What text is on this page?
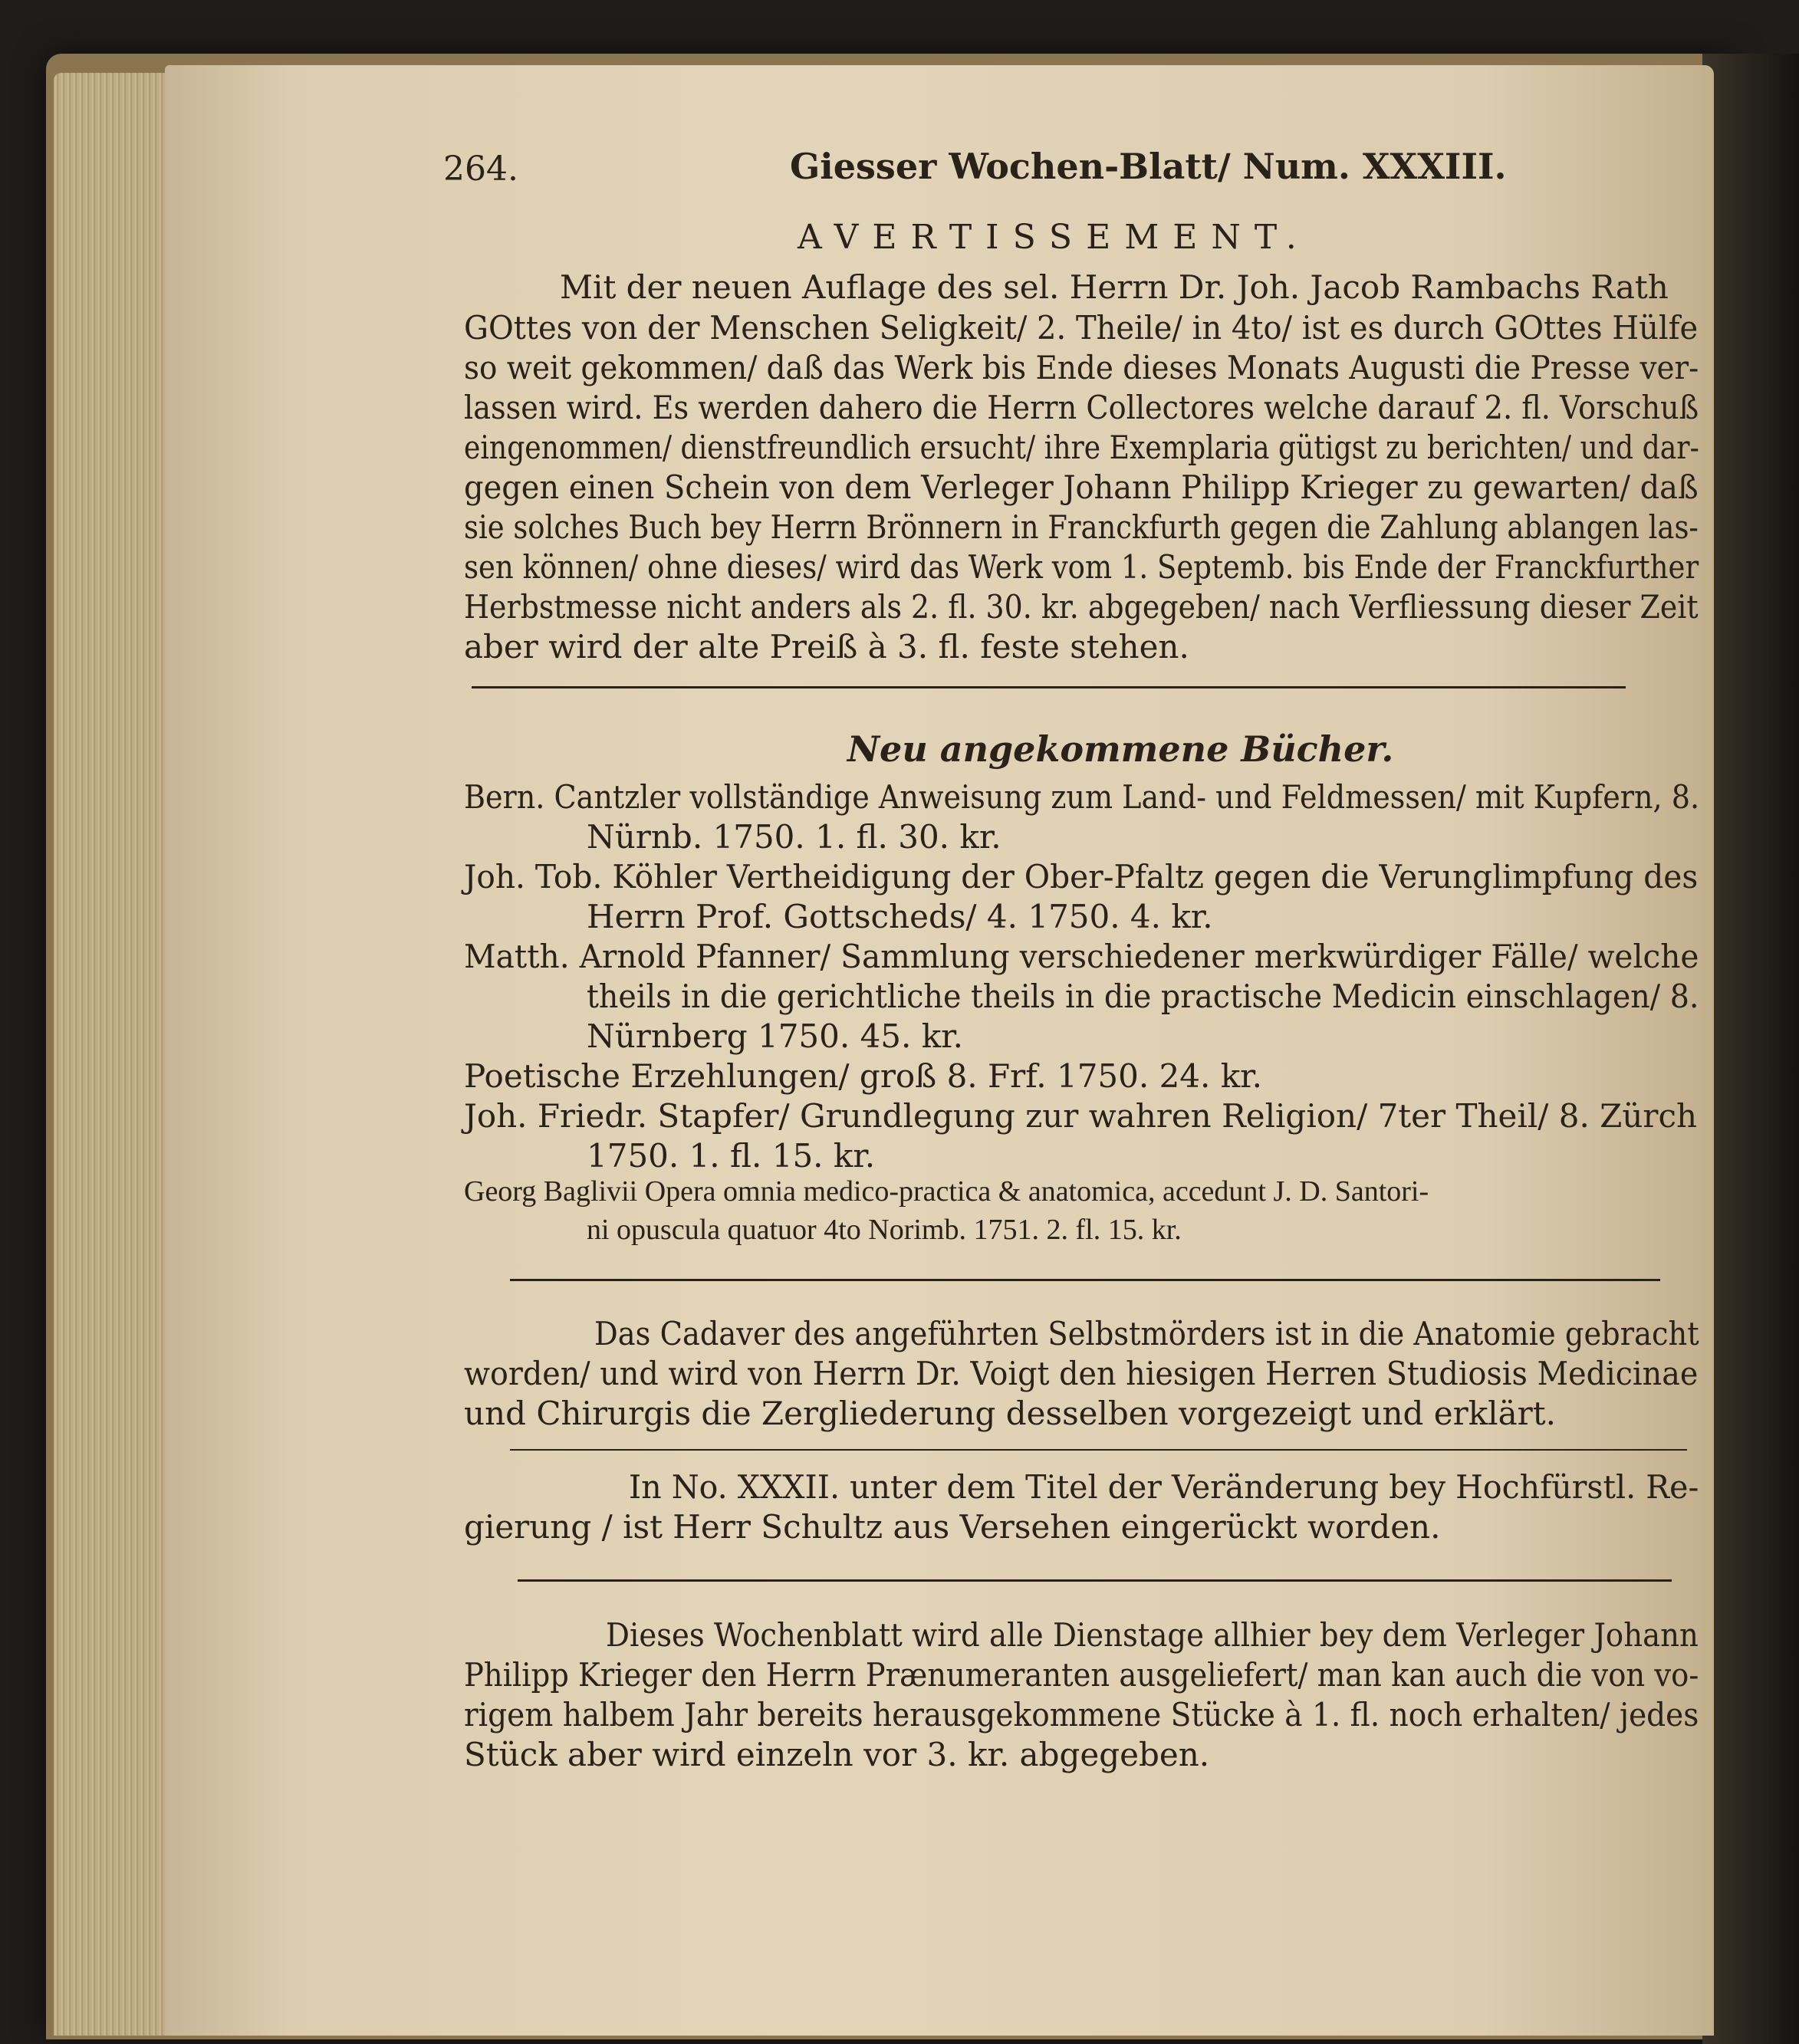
264.	Giesser Wochen-Blatt/ Num. XXXIII.
AVERTISSEMENT.
Mit der neuen Auflage des sel. Herrn Dr. Joh. Jacob Rambachs Rath
GOttes von der Menschen Seligkeit/ 2. Theile/ in 4to/ ist es durch GOttes Hülfe
so weit gekommen/ daß das Werk bis Ende dieses Monats Augusti die Presse ver-
lassen wird. Es werden dahero die Herrn Collectores welche darauf 2. fl. Vorschuß
eingenommen/ dienstfreundlich ersucht/ ihre Exemplaria gütigst zu berichten/ und dar-
gegen einen Schein von dem Verleger Johann Philipp Krieger zu gewarten/ daß
sie solches Buch bey Herrn Brönnern in Franckfurth gegen die Zahlung ablangen las-
sen können/ ohne dieses/ wird das Werk vom 1. Septemb. bis Ende der Franckfurther
Herbstmesse nicht anders als 2. fl. 30. kr. abgegeben/ nach Verfliessung dieser Zeit
aber wird der alte Preiß à 3. fl. feste stehen.
Neu angekommene Bücher.
Bern. Cantzler vollständige Anweisung zum Land- und Feldmessen/ mit Kupfern, 8.
Nürnb. 1750. 1. fl. 30. kr.
Joh. Tob. Köhler Vertheidigung der Ober-Pfaltz gegen die Verunglimpfung des
Herrn Prof. Gottscheds/ 4. 1750. 4. kr.
Matth. Arnold Pfanner/ Sammlung verschiedener merkwürdiger Fälle/ welche
theils in die gerichtliche theils in die practische Medicin einschlagen/ 8.
Nürnberg 1750. 45. kr.
Poetische Erzehlungen/ groß 8. Frf. 1750. 24. kr.
Joh. Friedr. Stapfer/ Grundlegung zur wahren Religion/ 7ter Theil/ 8. Zürch
1750. 1. fl. 15. kr.
Georg Baglivii Opera omnia medico-practica & anatomica, accedunt J. D. Santori-
ni opuscula quatuor 4to Norimb. 1751. 2. fl. 15. kr.
Das Cadaver des angeführten Selbstmörders ist in die Anatomie gebracht
worden/ und wird von Herrn Dr. Voigt den hiesigen Herren Studiosis Medicinae
und Chirurgis die Zergliederung desselben vorgezeigt und erklärt.
In No. XXXII. unter dem Titel der Veränderung bey Hochfürstl. Re-
gierung / ist Herr Schultz aus Versehen eingerückt worden.
Dieses Wochenblatt wird alle Dienstage allhier bey dem Verleger Johann
Philipp Krieger den Herrn Prænumeranten ausgeliefert/ man kan auch die von vo-
rigem halbem Jahr bereits herausgekommene Stücke à 1. fl. noch erhalten/ jedes
Stück aber wird einzeln vor 3. kr. abgegeben.
